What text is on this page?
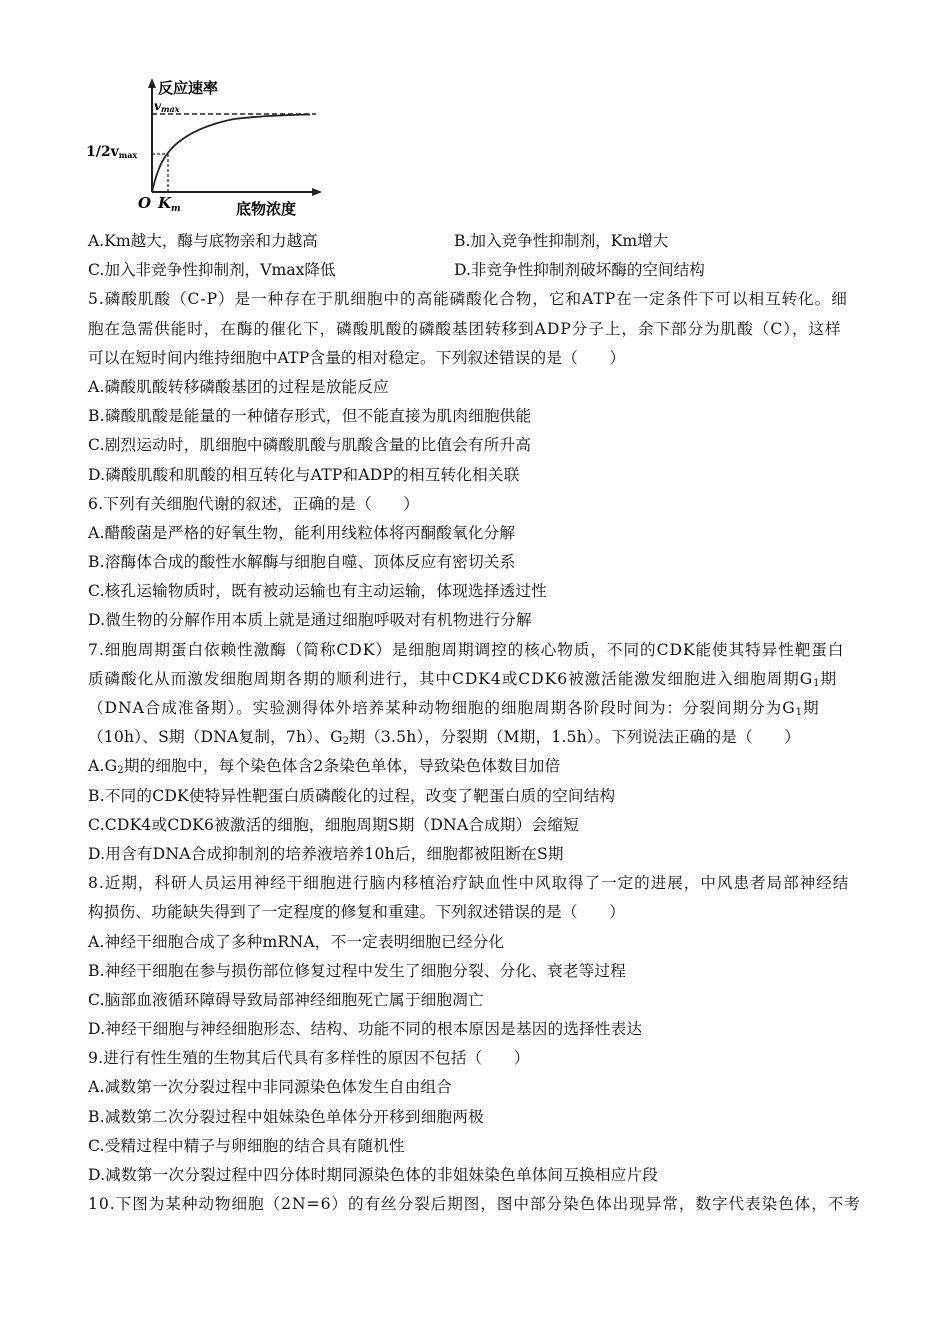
反应速率
vmax
1/2vmax
O $K_m$	底物浓度
A.Km越大，酶与底物亲和力越高	B.加入竞争性抑制剂，Km增大
C.加入非竞争性抑制剂，Vmax降低	D.非竞争性抑制剂破坏酶的空间结构
5.磷酸肌酸（C-P）是一种存在于肌细胞中的高能磷酸化合物，它和ATP在一定条件下可以相互转化。细
胞在急需供能时，在酶的催化下，磷酸肌酸的磷酸基团转移到ADP分子上，余下部分为肌酸（C），这样
可以在短时间内维持细胞中ATP含量的相对稳定。下列叙述错误的是（　　）
A.磷酸肌酸转移磷酸基团的过程是放能反应
B.磷酸肌酸是能量的一种储存形式，但不能直接为肌肉细胞供能
C.剧烈运动时，肌细胞中磷酸肌酸与肌酸含量的比值会有所升高
D.磷酸肌酸和肌酸的相互转化与ATP和ADP的相互转化相关联
6.下列有关细胞代谢的叙述，正确的是（　　）
A.醋酸菌是严格的好氧生物，能利用线粒体将丙酮酸氧化分解
B.溶酶体合成的酸性水解酶与细胞自噬、顶体反应有密切关系
C.核孔运输物质时，既有被动运输也有主动运输，体现选择透过性
D.微生物的分解作用本质上就是通过细胞呼吸对有机物进行分解
7.细胞周期蛋白依赖性激酶（简称CDK）是细胞周期调控的核心物质，不同的CDK能使其特异性靶蛋白
质磷酸化从而激发细胞周期各期的顺利进行，其中CDK4或CDK6被激活能激发细胞进入细胞周期$G_1$期
（DNA合成准备期）。实验测得体外培养某种动物细胞的细胞周期各阶段时间为：分裂间期分为$G_1$期
（10h）、S期（DNA复制，7h）、$G_2$期（3.5h），分裂期（M期，1.5h）。下列说法正确的是（　　）
$A.G_2$期的细胞中，每个染色体含2条染色单体，导致染色体数目加倍
B.不同的CDK使特异性靶蛋白质磷酸化的过程，改变了靶蛋白质的空间结构
C.CDK4或CDK6被激活的细胞，细胞周期S期（DNA合成期）会缩短
D.用含有DNA合成抑制剂的培养液培养10h后，细胞都被阻断在S期
8.近期，科研人员运用神经干细胞进行脑内移植治疗缺血性中风取得了一定的进展，中风患者局部神经结
构损伤、功能缺失得到了一定程度的修复和重建。下列叙述错误的是（　　）
A.神经干细胞合成了多种mRNA，不一定表明细胞已经分化
B.神经干细胞在参与损伤部位修复过程中发生了细胞分裂、分化、衰老等过程
C.脑部血液循环障碍导致局部神经细胞死亡属于细胞凋亡
D.神经干细胞与神经细胞形态、结构、功能不同的根本原因是基因的选择性表达
9.进行有性生殖的生物其后代具有多样性的原因不包括（　　）
A.减数第一次分裂过程中非同源染色体发生自由组合
B.减数第二次分裂过程中姐妹染色单体分开移到细胞两极
C.受精过程中精子与卵细胞的结合具有随机性
D.减数第一次分裂过程中四分体时期同源染色体的非姐妹染色单体间互换相应片段
10.下图为某种动物细胞（2N=6）的有丝分裂后期图，图中部分染色体出现异常，数字代表染色体，不考
